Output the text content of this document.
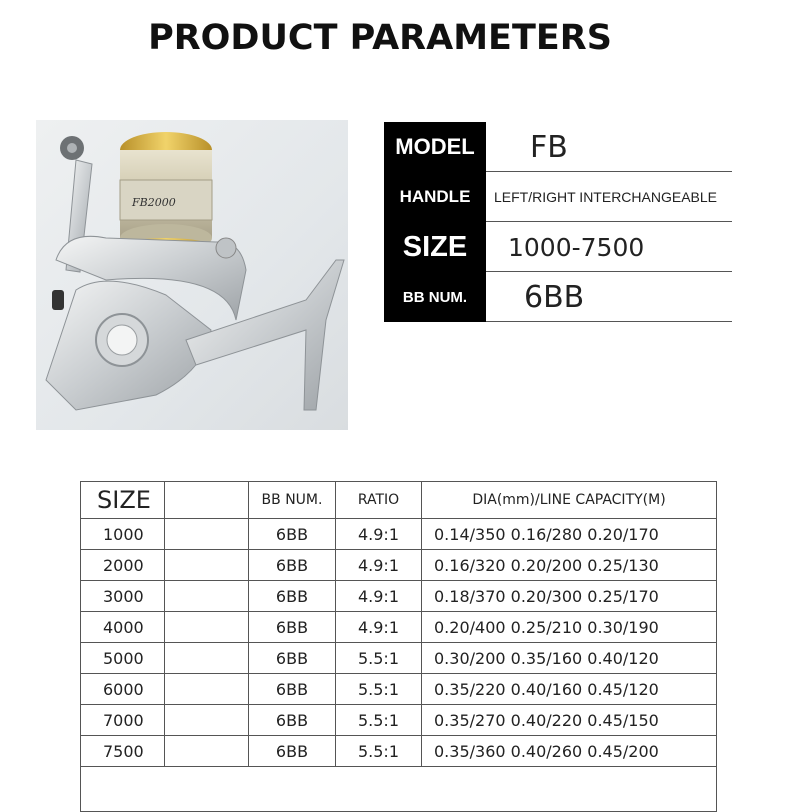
PRODUCT PARAMETERS
FB2000
MODEL	FB
HANDLE	LEFT/RIGHT INTERCHANGEABLE
SIZE	1000-7500
BB NUM.	6BB
SIZE		BB NUM.	RATIO	DIA(mm)/LINE CAPACITY(M)
1000		6BB	4.9:1	0.14/350 0.16/280 0.20/170
2000		6BB	4.9:1	0.16/320 0.20/200 0.25/130
3000		6BB	4.9:1	0.18/370 0.20/300 0.25/170
4000		6BB	4.9:1	0.20/400 0.25/210 0.30/190
5000		6BB	5.5:1	0.30/200 0.35/160 0.40/120
6000		6BB	5.5:1	0.35/220 0.40/160 0.45/120
7000		6BB	5.5:1	0.35/270 0.40/220 0.45/150
7500		6BB	5.5:1	0.35/360 0.40/260 0.45/200
